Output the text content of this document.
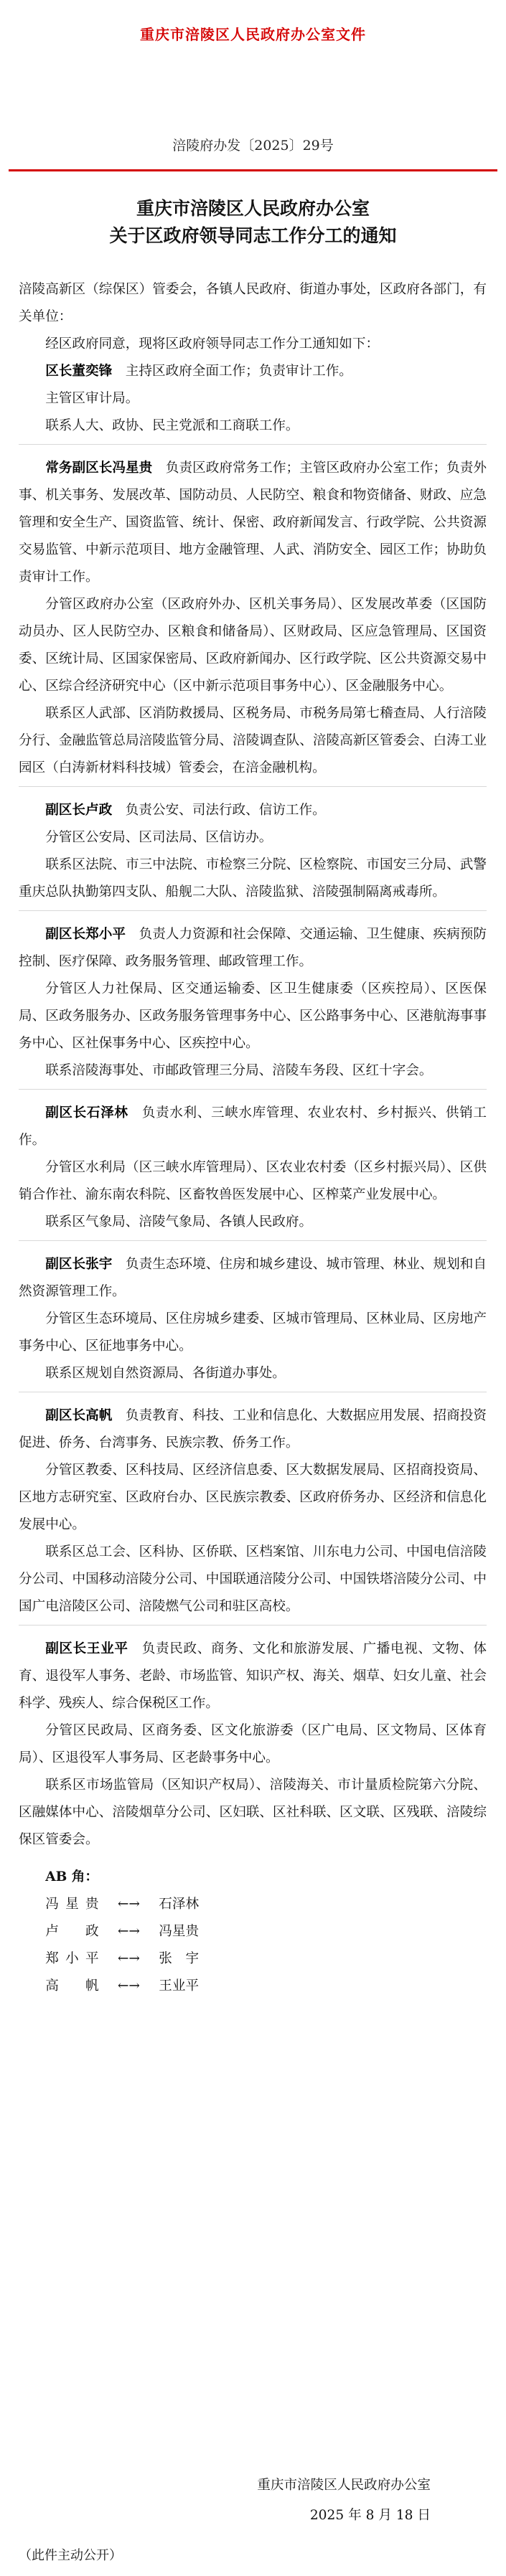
重庆市涪陵区人民政府办公室文件
涪陵府办发〔2025〕29号
重庆市涪陵区人民政府办公室
关于区政府领导同志工作分工的通知

涪陵高新区（综保区）管委会，各镇人民政府、街道办事处，区政府各部门，有关单位：

经区政府同意，现将区政府领导同志工作分工通知如下：

区长董奕锋　 主持区政府全面工作；负责审计工作。

主管区审计局。

联系人大、政协、民主党派和工商联工作。

常务副区长冯星贵　 负责区政府常务工作；主管区政府办公室工作；负责外事、机关事务、发展改革、国防动员、人民防空、粮食和物资储备、财政、应急管理和安全生产、国资监管、统计、保密、政府新闻发言、行政学院、公共资源交易监管、中新示范项目、地方金融管理、人武、消防安全、园区工作；协助负责审计工作。

分管区政府办公室（区政府外办、区机关事务局）、区发展改革委（区国防动员办、区人民防空办、区粮食和储备局）、区财政局、区应急管理局、区国资委、区统计局、区国家保密局、区政府新闻办、区行政学院、区公共资源交易中心、区综合经济研究中心（区中新示范项目事务中心）、区金融服务中心。

联系区人武部、区消防救援局、区税务局、市税务局第七稽查局、人行涪陵分行、金融监管总局涪陵监管分局、涪陵调查队、涪陵高新区管委会、白涛工业园区（白涛新材料科技城）管委会，在涪金融机构。

副区长卢政　 负责公安、司法行政、信访工作。

分管区公安局、区司法局、区信访办。

联系区法院、市三中法院、市检察三分院、区检察院、市国安三分局、武警重庆总队执勤第四支队、船舰二大队、涪陵监狱、涪陵强制隔离戒毒所。

副区长郑小平　 负责人力资源和社会保障、交通运输、卫生健康、疾病预防控制、医疗保障、政务服务管理、邮政管理工作。

分管区人力社保局、区交通运输委、区卫生健康委（区疾控局）、区医保局、区政务服务办、区政务服务管理事务中心、区公路事务中心、区港航海事事务中心、区社保事务中心、区疾控中心。

联系涪陵海事处、市邮政管理三分局、涪陵车务段、区红十字会。

副区长石泽林　 负责水利、三峡水库管理、农业农村、乡村振兴、供销工作。

分管区水利局（区三峡水库管理局）、区农业农村委（区乡村振兴局）、区供销合作社、渝东南农科院、区畜牧兽医发展中心、区榨菜产业发展中心。

联系区气象局、涪陵气象局、各镇人民政府。

副区长张宇　 负责生态环境、住房和城乡建设、城市管理、林业、规划和自然资源管理工作。

分管区生态环境局、区住房城乡建委、区城市管理局、区林业局、区房地产事务中心、区征地事务中心。

联系区规划自然资源局、各街道办事处。

副区长高帆　 负责教育、科技、工业和信息化、大数据应用发展、招商投资促进、侨务、台湾事务、民族宗教、侨务工作。

分管区教委、区科技局、区经济信息委、区大数据发展局、区招商投资局、区地方志研究室、区政府台办、区民族宗教委、区政府侨务办、区经济和信息化发展中心。

联系区总工会、区科协、区侨联、区档案馆、川东电力公司、中国电信涪陵分公司、中国移动涪陵分公司、中国联通涪陵分公司、中国铁塔涪陵分公司、中国广电涪陵区公司、涪陵燃气公司和驻区高校。

副区长王业平　 负责民政、商务、文化和旅游发展、广播电视、文物、体育、退役军人事务、老龄、市场监管、知识产权、海关、烟草、妇女儿童、社会科学、残疾人、综合保税区工作。

分管区民政局、区商务委、区文化旅游委（区广电局、区文物局、区体育局）、区退役军人事务局、区老龄事务中心。

联系区市场监管局（区知识产权局）、涪陵海关、市计量质检院第六分院、区融媒体中心、涪陵烟草分公司、区妇联、区社科联、区文联、区残联、涪陵综保区管委会。

AB 角：
冯星贵	←→	石泽林
卢　政	←→	冯星贵
郑小平	←→	张　宇
高　帆	←→	王业平
重庆市涪陵区人民政府办公室
2025 年 8 月 18 日
（此件主动公开）
